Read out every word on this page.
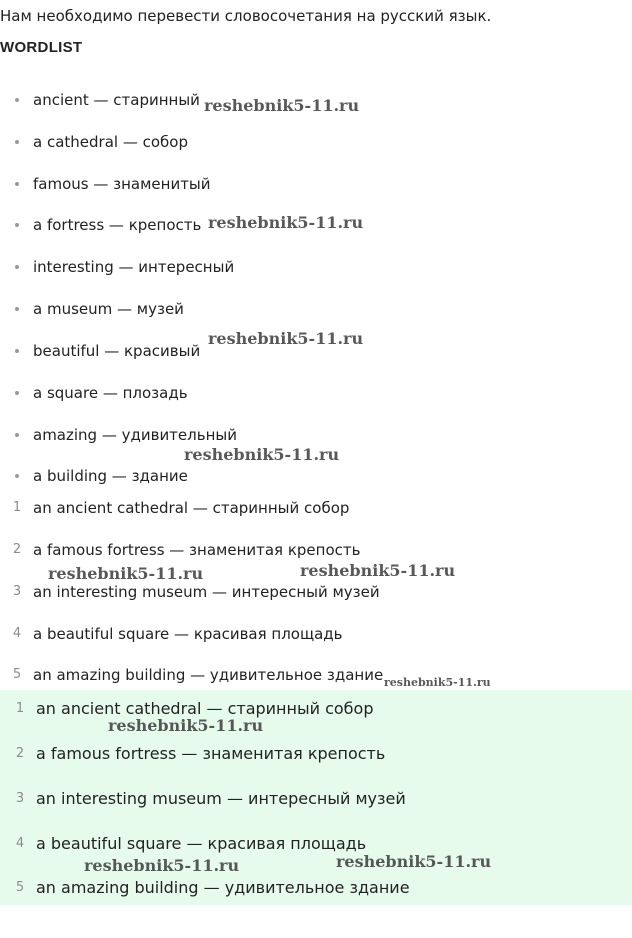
Нам необходимо перевести словосочетания на русский язык.
WORDLIST
ancient — старинный
a cathedral — собор
famous — знаменитый
a fortress — крепость
interesting — интересный
a museum — музей
beautiful — красивый
a square — плозадь
amazing — удивительный
a building — здание
1 an ancient cathedral — старинный собор
2 a famous fortress — знаменитая крепость
3 an interesting museum — интересный музей
4 a beautiful square — красивая площадь
5 an amazing building — удивительное здание
1 an ancient cathedral — старинный собор
2 a famous fortress — знаменитая крепость
3 an interesting museum — интересный музей
4 a beautiful square — красивая площадь
5 an amazing building — удивительное здание
reshebnik5-11.ru
reshebnik5-11.ru
reshebnik5-11.ru
reshebnik5-11.ru
reshebnik5-11.ru	reshebnik5-11.ru
reshebnik5-11.ru
reshebnik5-11.ru
reshebnik5-11.ru	reshebnik5-11.ru
